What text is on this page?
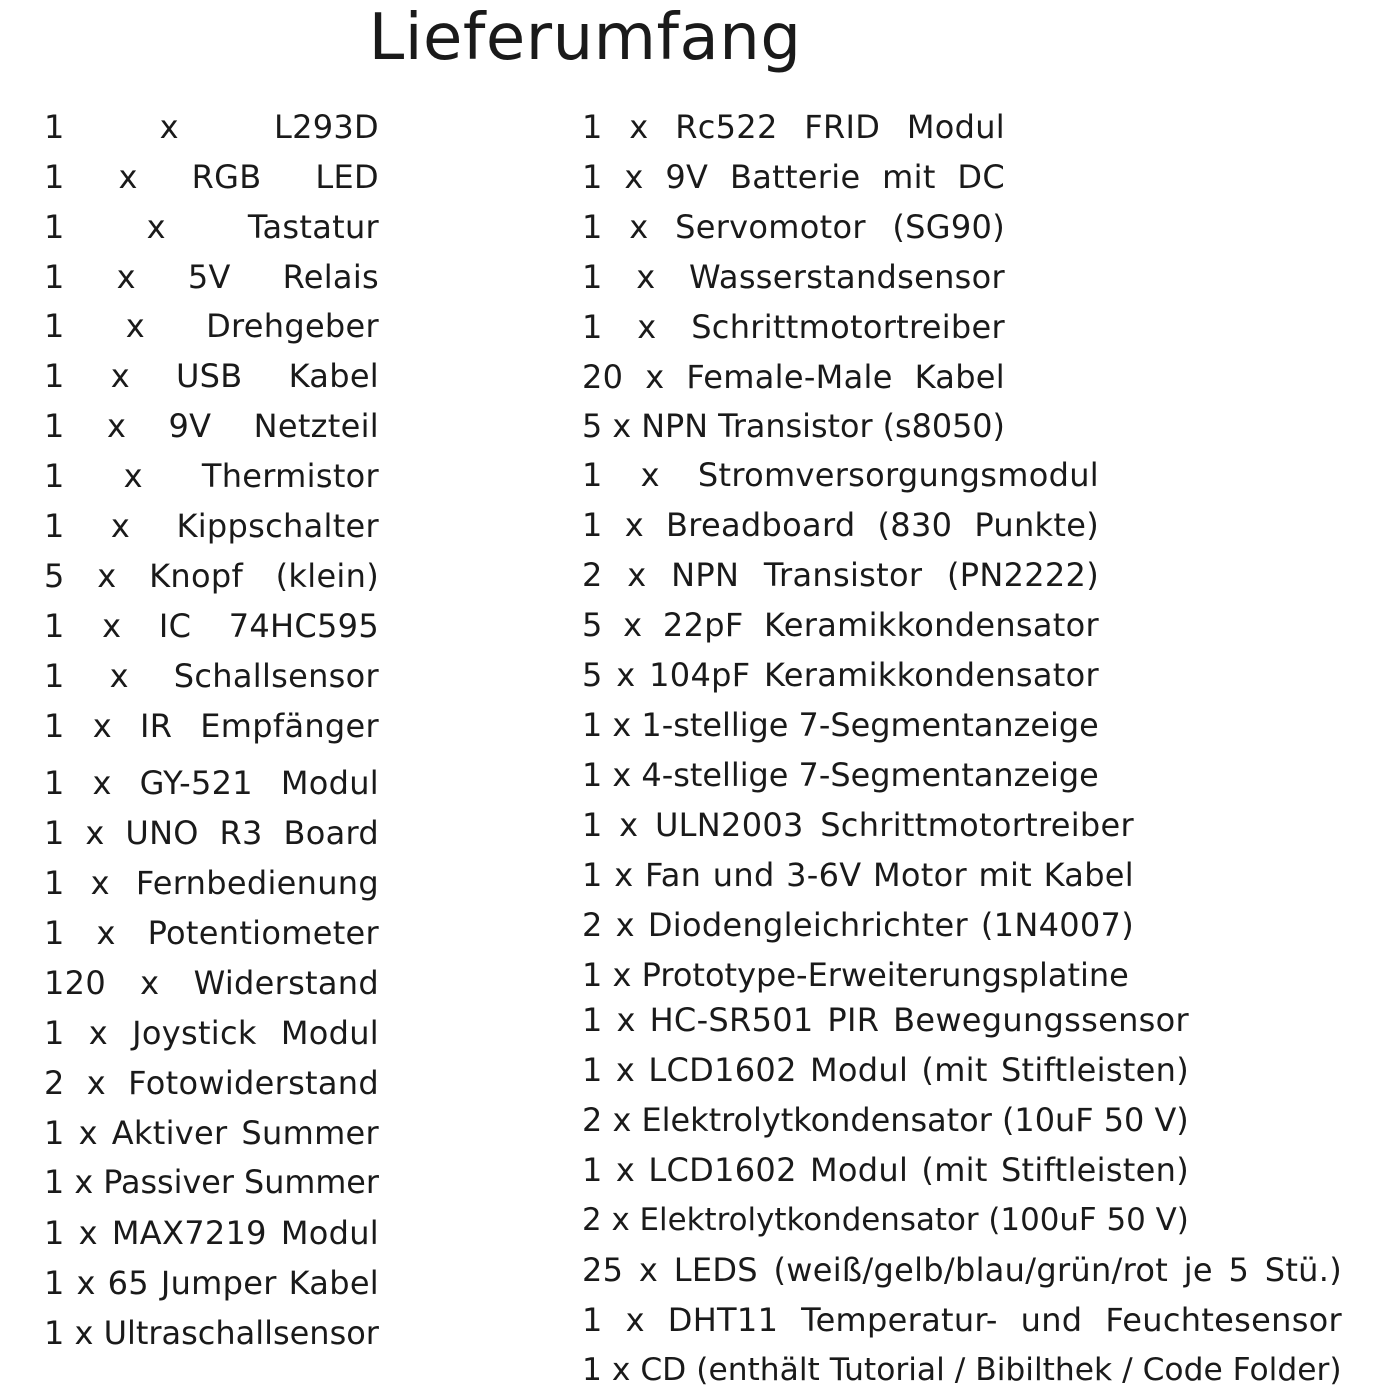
Lieferumfang
1 x L293D
1 x RGB LED
1 x Tastatur
1 x 5V Relais
1 x Drehgeber
1 x USB Kabel
1 x 9V Netzteil
1 x Thermistor
1 x Kippschalter
5 x Knopf (klein)
1 x IC 74HC595
1 x Schallsensor
1 x IR Empfänger
1 x GY-521 Modul
1 x UNO R3 Board
1 x Fernbedienung
1 x Potentiometer
120 x Widerstand
1 x Joystick Modul
2 x Fotowiderstand
1 x Aktiver Summer
1 x Passiver Summer
1 x MAX7219 Modul
1 x 65 Jumper Kabel
1 x Ultraschallsensor
1 x Rc522 FRID Modul
1 x 9V Batterie mit DC
1 x Servomotor (SG90)
1 x Wasserstandsensor
1 x Schrittmotortreiber
20 x Female-Male Kabel
5 x NPN Transistor (s8050)
1 x Stromversorgungsmodul
1 x Breadboard (830 Punkte)
2 x NPN Transistor (PN2222)
5 x 22pF Keramikkondensator
5 x 104pF Keramikkondensator
1 x 1-stellige 7-Segmentanzeige
1 x 4-stellige 7-Segmentanzeige
1 x ULN2003 Schrittmotortreiber
1 x Fan und 3-6V Motor mit Kabel
2 x Diodengleichrichter (1N4007)
1 x Prototype-Erweiterungsplatine
1 x HC-SR501 PIR Bewegungssensor
1 x LCD1602 Modul (mit Stiftleisten)
2 x Elektrolytkondensator (10uF 50 V)
1 x LCD1602 Modul (mit Stiftleisten)
2 x Elektrolytkondensator (100uF 50 V)
25 x LEDS (weiß/gelb/blau/grün/rot je 5 Stü.)
1 x DHT11 Temperatur- und Feuchtesensor
1 x CD (enthält Tutorial / Bibilthek / Code Folder)
